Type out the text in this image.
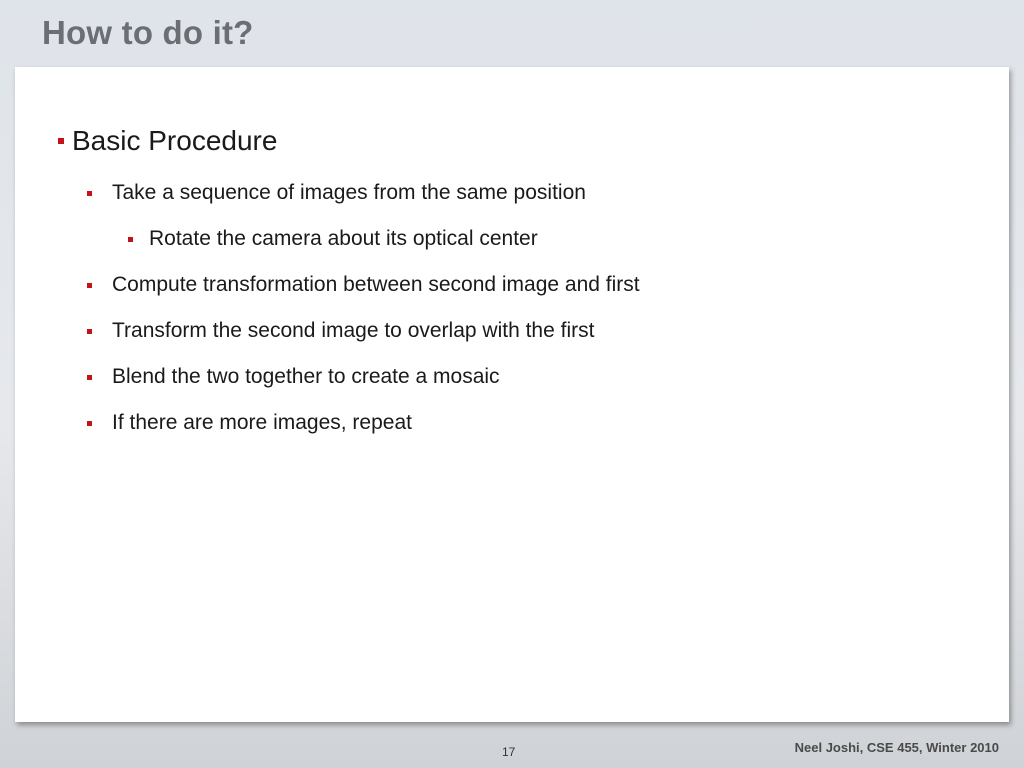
How to do it?
Basic Procedure
Take a sequence of images from the same position
Rotate the camera about its optical center
Compute transformation between second image and first
Transform the second image to overlap with the first
Blend the two together to create a mosaic
If there are more images, repeat
17	Neel Joshi, CSE 455, Winter 2010
